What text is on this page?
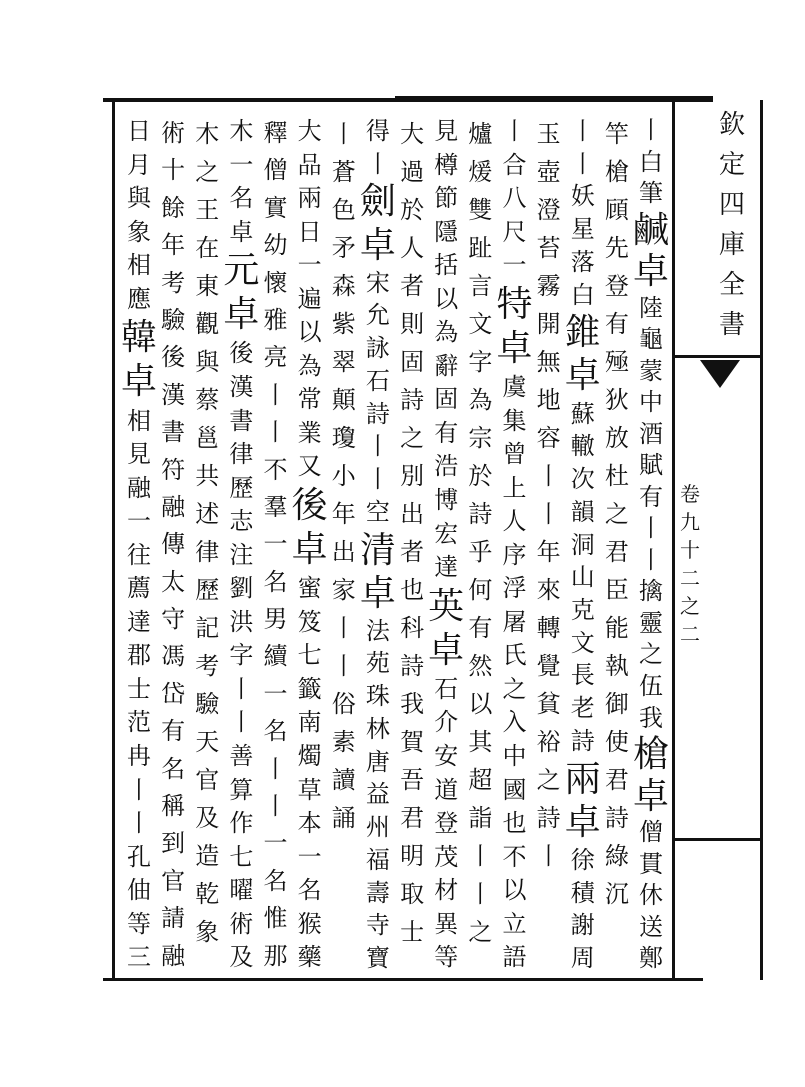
欽
定
四
庫
全
書
卷
九
十
二
之
二
丨
白
筆
鹹
卓
陸
龜
蒙
中
酒
賦
有
丨
丨
擒
靈
之
伍
我
槍
卓
僧
貫
休
送
鄭
竿
槍
頋
先
登
有
殛
狄
放
杜
之
君
臣
能
執
御
使
君
詩
綠
沉
丨
丨
妖
星
落
白
錐
卓
蘇
轍
次
韻
洞
山
克
文
長
老
詩
兩
卓
徐
積
謝
周
玉
壺
澄
苔
霧
開
無
地
容
丨
丨
年
來
轉
覺
貧
裕
之
詩
丨
丨
合
八
尺
一
特
卓
虞
集
曾
上
人
序
浮
屠
氏
之
入
中
國
也
不
以
立
語
爐
煖
雙
趾
言
文
字
為
宗
於
詩
乎
何
有
然
以
其
超
詣
丨
丨
之
見
樽
節
隱
括
以
為
辭
固
有
浩
博
宏
達
英
卓
石
介
安
道
登
茂
材
異
等
大
過
於
人
者
則
固
詩
之
別
出
者
也
科
詩
我
賀
吾
君
明
取
士
得
丨
劍
卓
宋
允
詠
石
詩
丨
丨
空
清
卓
法
苑
珠
林
唐
益
州
福
壽
寺
寶
丨
蒼
色
矛
森
紫
翠
顛
瓊
小
年
出
家
丨
丨
俗
素
讀
誦
大
品
兩
日
一
遍
以
為
常
業
又
後
卓
蜜
笈
七
籤
南
燭
草
本
一
名
猴
藥
釋
僧
實
幼
懷
雅
亮
丨
丨
不
羣
一
名
男
續
一
名
丨
丨
一
名
惟
那
木
一
名
卓
元
卓
後
漢
書
律
歷
志
注
劉
洪
字
丨
丨
善
算
作
七
曜
術
及
木
之
王
在
東
觀
與
蔡
邕
共
述
律
歷
記
考
驗
天
官
及
造
乾
象
術
十
餘
年
考
驗
後
漢
書
符
融
傳
太
守
馮
岱
有
名
稱
到
官
請
融
日
月
與
象
相
應
韓
卓
相
見
融
一
往
薦
達
郡
士
范
冉
丨
丨
孔
伷
等
三
